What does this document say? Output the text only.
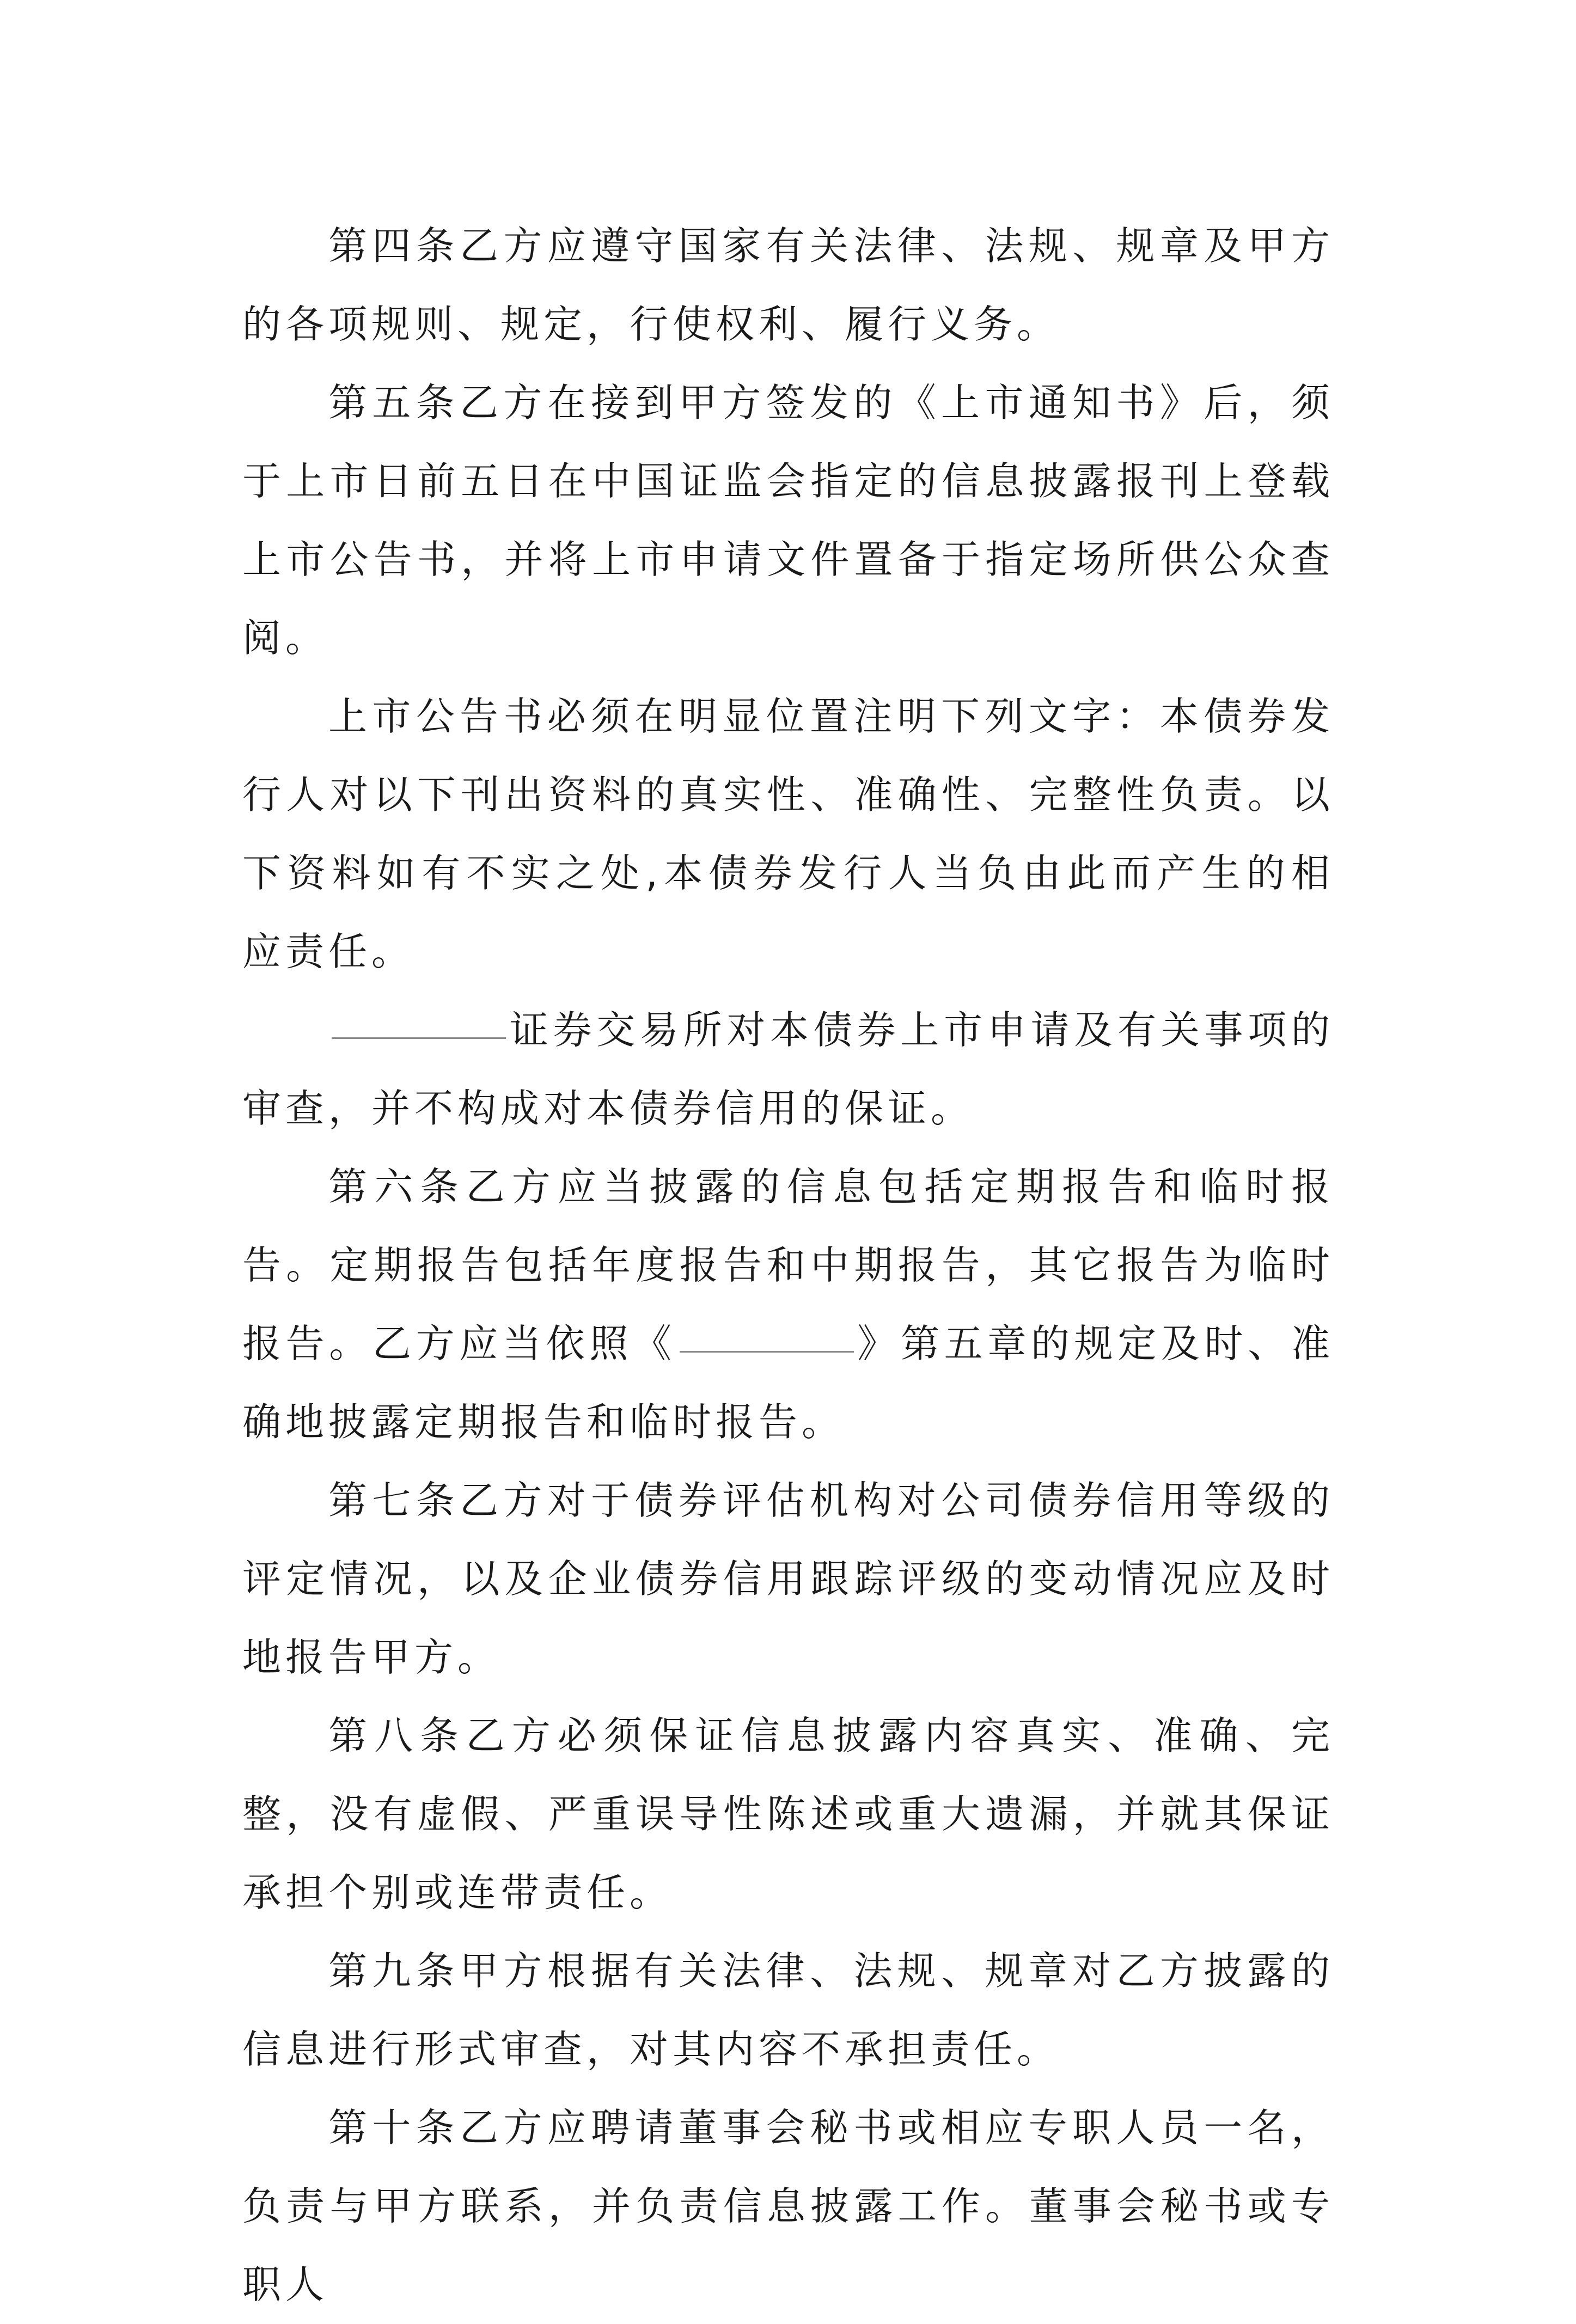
第四条乙方应遵守国家有关法律、法规、规章及甲方的各项规则、规定，行使权利、履行义务。

第五条乙方在接到甲方签发的《上市通知书》后，须于上市日前五日在中国证监会指定的信息披露报刊上登载上市公告书，并将上市申请文件置备于指定场所供公众查阅。

上市公告书必须在明显位置注明下列文字：本债券发行人对以下刊出资料的真实性、准确性、完整性负责。以下资料如有不实之处,本债券发行人当负由此而产生的相应责任。

证券交易所对本债券上市申请及有关事项的审查，并不构成对本债券信用的保证。

第六条乙方应当披露的信息包括定期报告和临时报告。定期报告包括年度报告和中期报告，其它报告为临时报告。乙方应当依照《	》第五章的规定及时、准确地披露定期报告和临时报告。

第七条乙方对于债券评估机构对公司债券信用等级的评定情况，以及企业债券信用跟踪评级的变动情况应及时地报告甲方。

第八条乙方必须保证信息披露内容真实、准确、完整，没有虚假、严重误导性陈述或重大遗漏，并就其保证承担个别或连带责任。

第九条甲方根据有关法律、法规、规章对乙方披露的信息进行形式审查，对其内容不承担责任。

第十条乙方应聘请董事会秘书或相应专职人员一名，负责与甲方联系，并负责信息披露工作。董事会秘书或专职人
